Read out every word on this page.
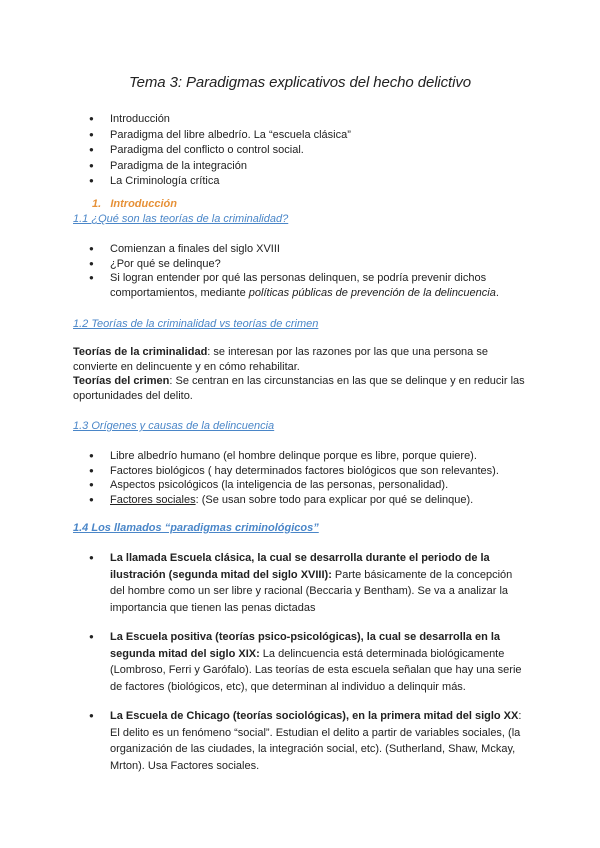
Tema 3: Paradigmas explicativos del hecho delictivo
● Introducción
● Paradigma del libre albedrío. La “escuela clásica”
● Paradigma del conflicto o control social.
● Paradigma de la integración
● La Criminología crítica
1. Introducción
1.1 ¿Qué son las teorías de la criminalidad?
● Comienzan a finales del siglo XVIII
● ¿Por qué se delinque?
● Si logran entender por qué las personas delinquen, se podría prevenir dichos comportamientos, mediante políticas públicas de prevención de la delincuencia.
1.2 Teorías de la criminalidad vs teorías de crimen
Teorías de la criminalidad: se interesan por las razones por las que una persona se convierte en delincuente y en cómo rehabilitar.
Teorías del crimen: Se centran en las circunstancias en las que se delinque y en reducir las oportunidades del delito.
1.3 Orígenes y causas de la delincuencia
● Libre albedrío humano (el hombre delinque porque es libre, porque quiere).
● Factores biológicos ( hay determinados factores biológicos que son relevantes).
● Aspectos psicológicos (la inteligencia de las personas, personalidad).
● Factores sociales: (Se usan sobre todo para explicar por qué se delinque).
1.4 Los llamados “paradigmas criminológicos”
● La llamada Escuela clásica, la cual se desarrolla durante el periodo de la ilustración (segunda mitad del siglo XVIII): Parte básicamente de la concepción del hombre como un ser libre y racional (Beccaria y Bentham). Se va a analizar la importancia que tienen las penas dictadas
● La Escuela positiva (teorías psico-psicológicas), la cual se desarrolla en la segunda mitad del siglo XIX: La delincuencia está determinada biológicamente (Lombroso, Ferri y Garófalo). Las teorías de esta escuela señalan que hay una serie de factores (biológicos, etc), que determinan al individuo a delinquir más.
● La Escuela de Chicago (teorías sociológicas), en la primera mitad del siglo XX: El delito es un fenómeno “social”. Estudian el delito a partir de variables sociales, (la organización de las ciudades, la integración social, etc). (Sutherland, Shaw, Mckay, Mrton). Usa Factores sociales.
